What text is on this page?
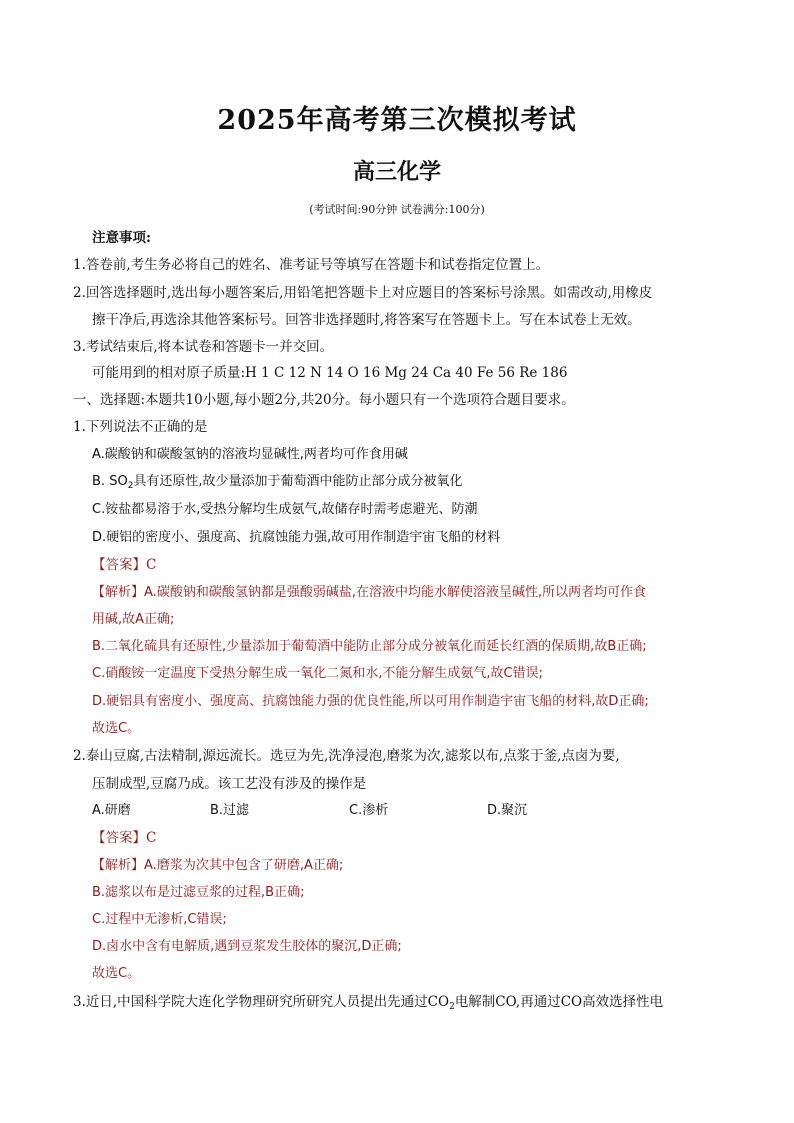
2025年高考第三次模拟考试
高三化学
(考试时间:90分钟 试卷满分:100分)
注意事项:
1.答卷前,考生务必将自己的姓名、准考证号等填写在答题卡和试卷指定位置上。
2.回答选择题时,选出每小题答案后,用铅笔把答题卡上对应题目的答案标号涂黑。如需改动,用橡皮
擦干净后,再选涂其他答案标号。回答非选择题时,将答案写在答题卡上。写在本试卷上无效。
3.考试结束后,将本试卷和答题卡一并交回。
可能用到的相对原子质量:H 1 C 12 N 14 O 16 Mg 24 Ca 40 Fe 56 Re 186
一、选择题:本题共10小题,每小题2分,共20分。每小题只有一个选项符合题目要求。
1.下列说法不正确的是
A.碳酸钠和碳酸氢钠的溶液均显碱性,两者均可作食用碱
B. $SO_2$具有还原性,故少量添加于葡萄酒中能防止部分成分被氧化
C.铵盐都易溶于水,受热分解均生成氨气,故储存时需考虑避光、防潮
D.硬铝的密度小、强度高、抗腐蚀能力强,故可用作制造宇宙飞船的材料
【答案】C
【解析】A.碳酸钠和碳酸氢钠都是强酸弱碱盐,在溶液中均能水解使溶液呈碱性,所以两者均可作食
用碱,故A正确;
B.二氧化硫具有还原性,少量添加于葡萄酒中能防止部分成分被氧化而延长红酒的保质期,故B正确;
C.硝酸铵一定温度下受热分解生成一氧化二氮和水,不能分解生成氨气,故C错误;
D.硬铝具有密度小、强度高、抗腐蚀能力强的优良性能,所以可用作制造宇宙飞船的材料,故D正确;
故选C。
2.泰山豆腐,古法精制,源远流长。选豆为先,洗净浸泡,磨浆为次,滤浆以布,点浆于釜,点卤为要,
压制成型,豆腐乃成。该工艺没有涉及的操作是
A.研磨	B.过滤	C.渗析	D.聚沉
【答案】C
【解析】A.磨浆为次其中包含了研磨,A正确;
B.滤浆以布是过滤豆浆的过程,B正确;
C.过程中无渗析,C错误;
D.卤水中含有电解质,遇到豆浆发生胶体的聚沉,D正确;
故选C。
3.近日,中国科学院大连化学物理研究所研究人员提出先通过$CO_2$电解制CO,再通过CO高效选择性电
